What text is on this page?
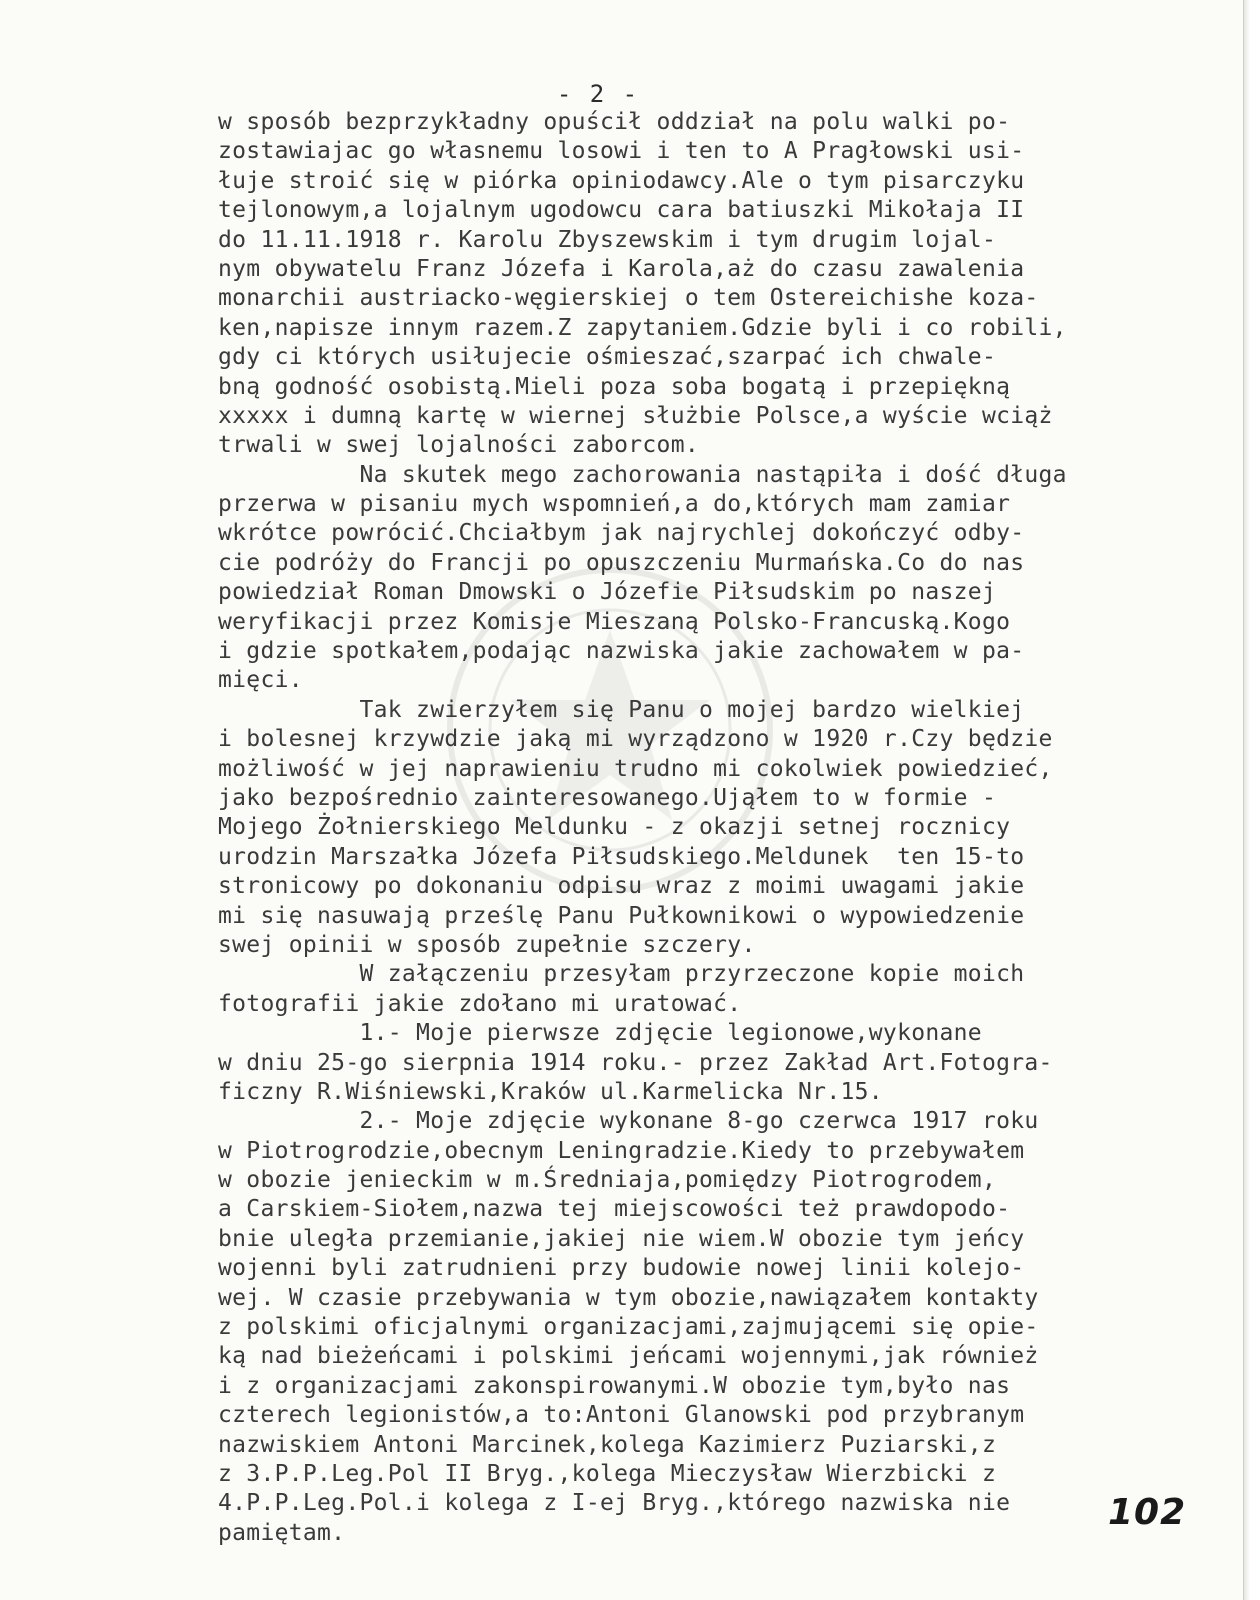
- 2 -
w sposób bezprzykładny opuścił oddział na polu walki po-
zostawiajac go własnemu losowi i ten to A Pragłowski usi-
łuje stroić się w piórka opiniodawcy.Ale o tym pisarczyku
tejlonowym,a lojalnym ugodowcu cara batiuszki Mikołaja II
do 11.11.1918 r. Karolu Zbyszewskim i tym drugim lojal-
nym obywatelu Franz Józefa i Karola,aż do czasu zawalenia
monarchii austriacko-węgierskiej o tem Ostereichishe koza-
ken,napisze innym razem.Z zapytaniem.Gdzie byli i co robili,
gdy ci których usiłujecie ośmieszać,szarpać ich chwale-
bną godność osobistą.Mieli poza soba bogatą i przepiękną
xxxxx i dumną kartę w wiernej służbie Polsce,a wyście wciąż
trwali w swej lojalności zaborcom.
Na skutek mego zachorowania nastąpiła i dość długa
przerwa w pisaniu mych wspomnień,a do,których mam zamiar
wkrótce powrócić.Chciałbym jak najrychlej dokończyć odby-
cie podróży do Francji po opuszczeniu Murmańska.Co do nas
powiedział Roman Dmowski o Józefie Piłsudskim po naszej
weryfikacji przez Komisje Mieszaną Polsko-Francuską.Kogo
i gdzie spotkałem,podając nazwiska jakie zachowałem w pa-
mięci.
Tak zwierzyłem się Panu o mojej bardzo wielkiej
i bolesnej krzywdzie jaką mi wyrządzono w 1920 r.Czy będzie
możliwość w jej naprawieniu trudno mi cokolwiek powiedzieć,
jako bezpośrednio zainteresowanego.Ująłem to w formie -
Mojego Żołnierskiego Meldunku - z okazji setnej rocznicy
urodzin Marszałka Józefa Piłsudskiego.Meldunek  ten 15-to
stronicowy po dokonaniu odpisu wraz z moimi uwagami jakie
mi się nasuwają prześlę Panu Pułkownikowi o wypowiedzenie
swej opinii w sposób zupełnie szczery.
W załączeniu przesyłam przyrzeczone kopie moich
fotografii jakie zdołano mi uratować.
1.- Moje pierwsze zdjęcie legionowe,wykonane
w dniu 25-go sierpnia 1914 roku.- przez Zakład Art.Fotogra-
ficzny R.Wiśniewski,Kraków ul.Karmelicka Nr.15.
2.- Moje zdjęcie wykonane 8-go czerwca 1917 roku
w Piotrogrodzie,obecnym Leningradzie.Kiedy to przebywałem
w obozie jenieckim w m.Średniaja,pomiędzy Piotrogrodem,
a Carskiem-Siołem,nazwa tej miejscowości też prawdopodo-
bnie uległa przemianie,jakiej nie wiem.W obozie tym jeńcy
wojenni byli zatrudnieni przy budowie nowej linii kolejo-
wej. W czasie przebywania w tym obozie,nawiązałem kontakty
z polskimi oficjalnymi organizacjami,zajmującemi się opie-
ką nad bieżeńcami i polskimi jeńcami wojennymi,jak również
i z organizacjami zakonspirowanymi.W obozie tym,było nas
czterech legionistów,a to:Antoni Glanowski pod przybranym
nazwiskiem Antoni Marcinek,kolega Kazimierz Puziarski,z
z 3.P.P.Leg.Pol II Bryg.,kolega Mieczysław Wierzbicki z
4.P.P.Leg.Pol.i kolega z I-ej Bryg.,którego nazwiska nie
pamiętam.	102
